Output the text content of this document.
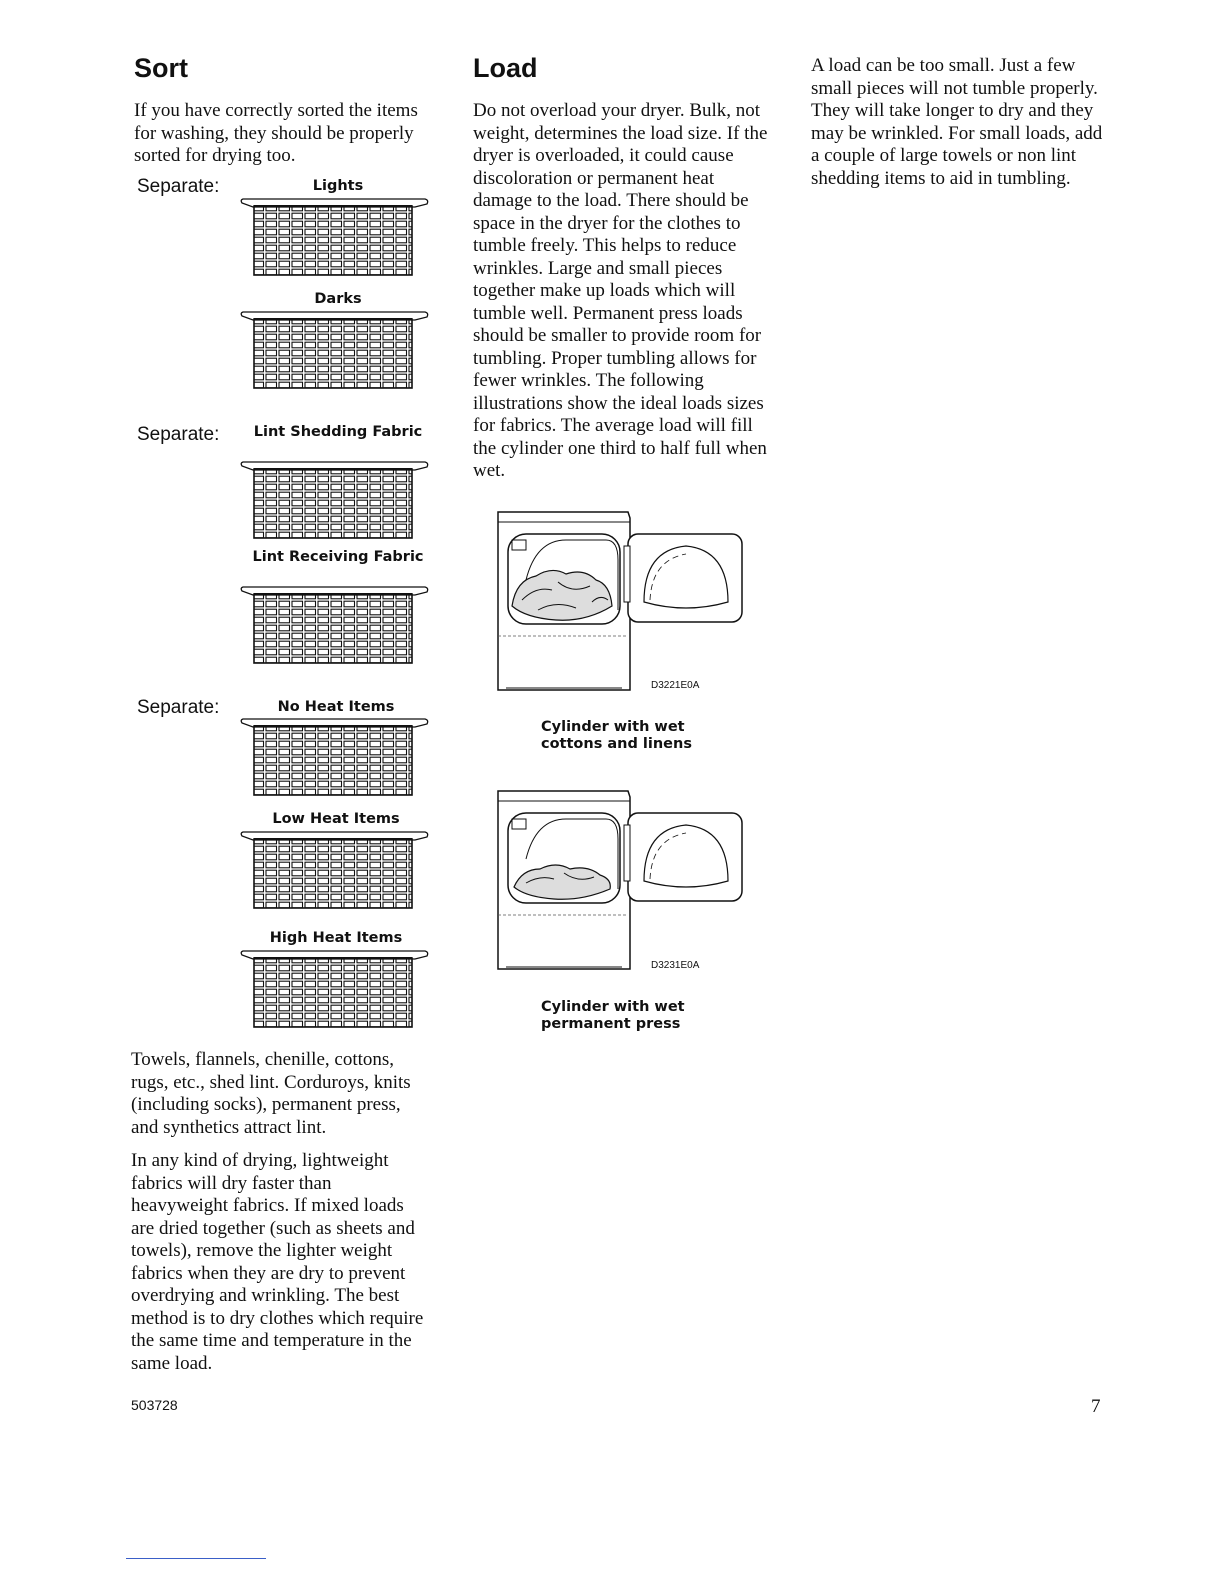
Sort

If you have correctly sorted the items for washing, they should be properly sorted for drying too.

Separate:	Lights
Darks
Separate:	Lint Shedding Fabric
Lint Receiving Fabric
Separate:	No Heat Items
Low Heat Items
High Heat Items

Towels, flannels, chenille, cottons, rugs, etc., shed lint. Corduroys, knits (including socks), permanent press, and synthetics attract lint.

In any kind of drying, lightweight fabrics will dry faster than heavyweight fabrics. If mixed loads are dried together (such as sheets and towels), remove the lighter weight fabrics when they are dry to prevent overdrying and wrinkling. The best method is to dry clothes which require the same time and temperature in the same load.

Load

Do not overload your dryer. Bulk, not weight, determines the load size. If the dryer is overloaded, it could cause discoloration or permanent heat damage to the load. There should be space in the dryer for the clothes to tumble freely. This helps to reduce wrinkles. Large and small pieces together make up loads which will tumble well. Permanent press loads should be smaller to provide room for tumbling. Proper tumbling allows for fewer wrinkles. The following illustrations show the ideal loads sizes for fabrics. The average load will fill the cylinder one third to half full when wet.

D3221E0A
Cylinder with wet cottons and linens
D3231E0A
Cylinder with wet permanent press

A load can be too small. Just a few small pieces will not tumble properly. They will take longer to dry and they may be wrinkled. For small loads, add a couple of large towels or non lint shedding items to aid in tumbling.

503728	7
